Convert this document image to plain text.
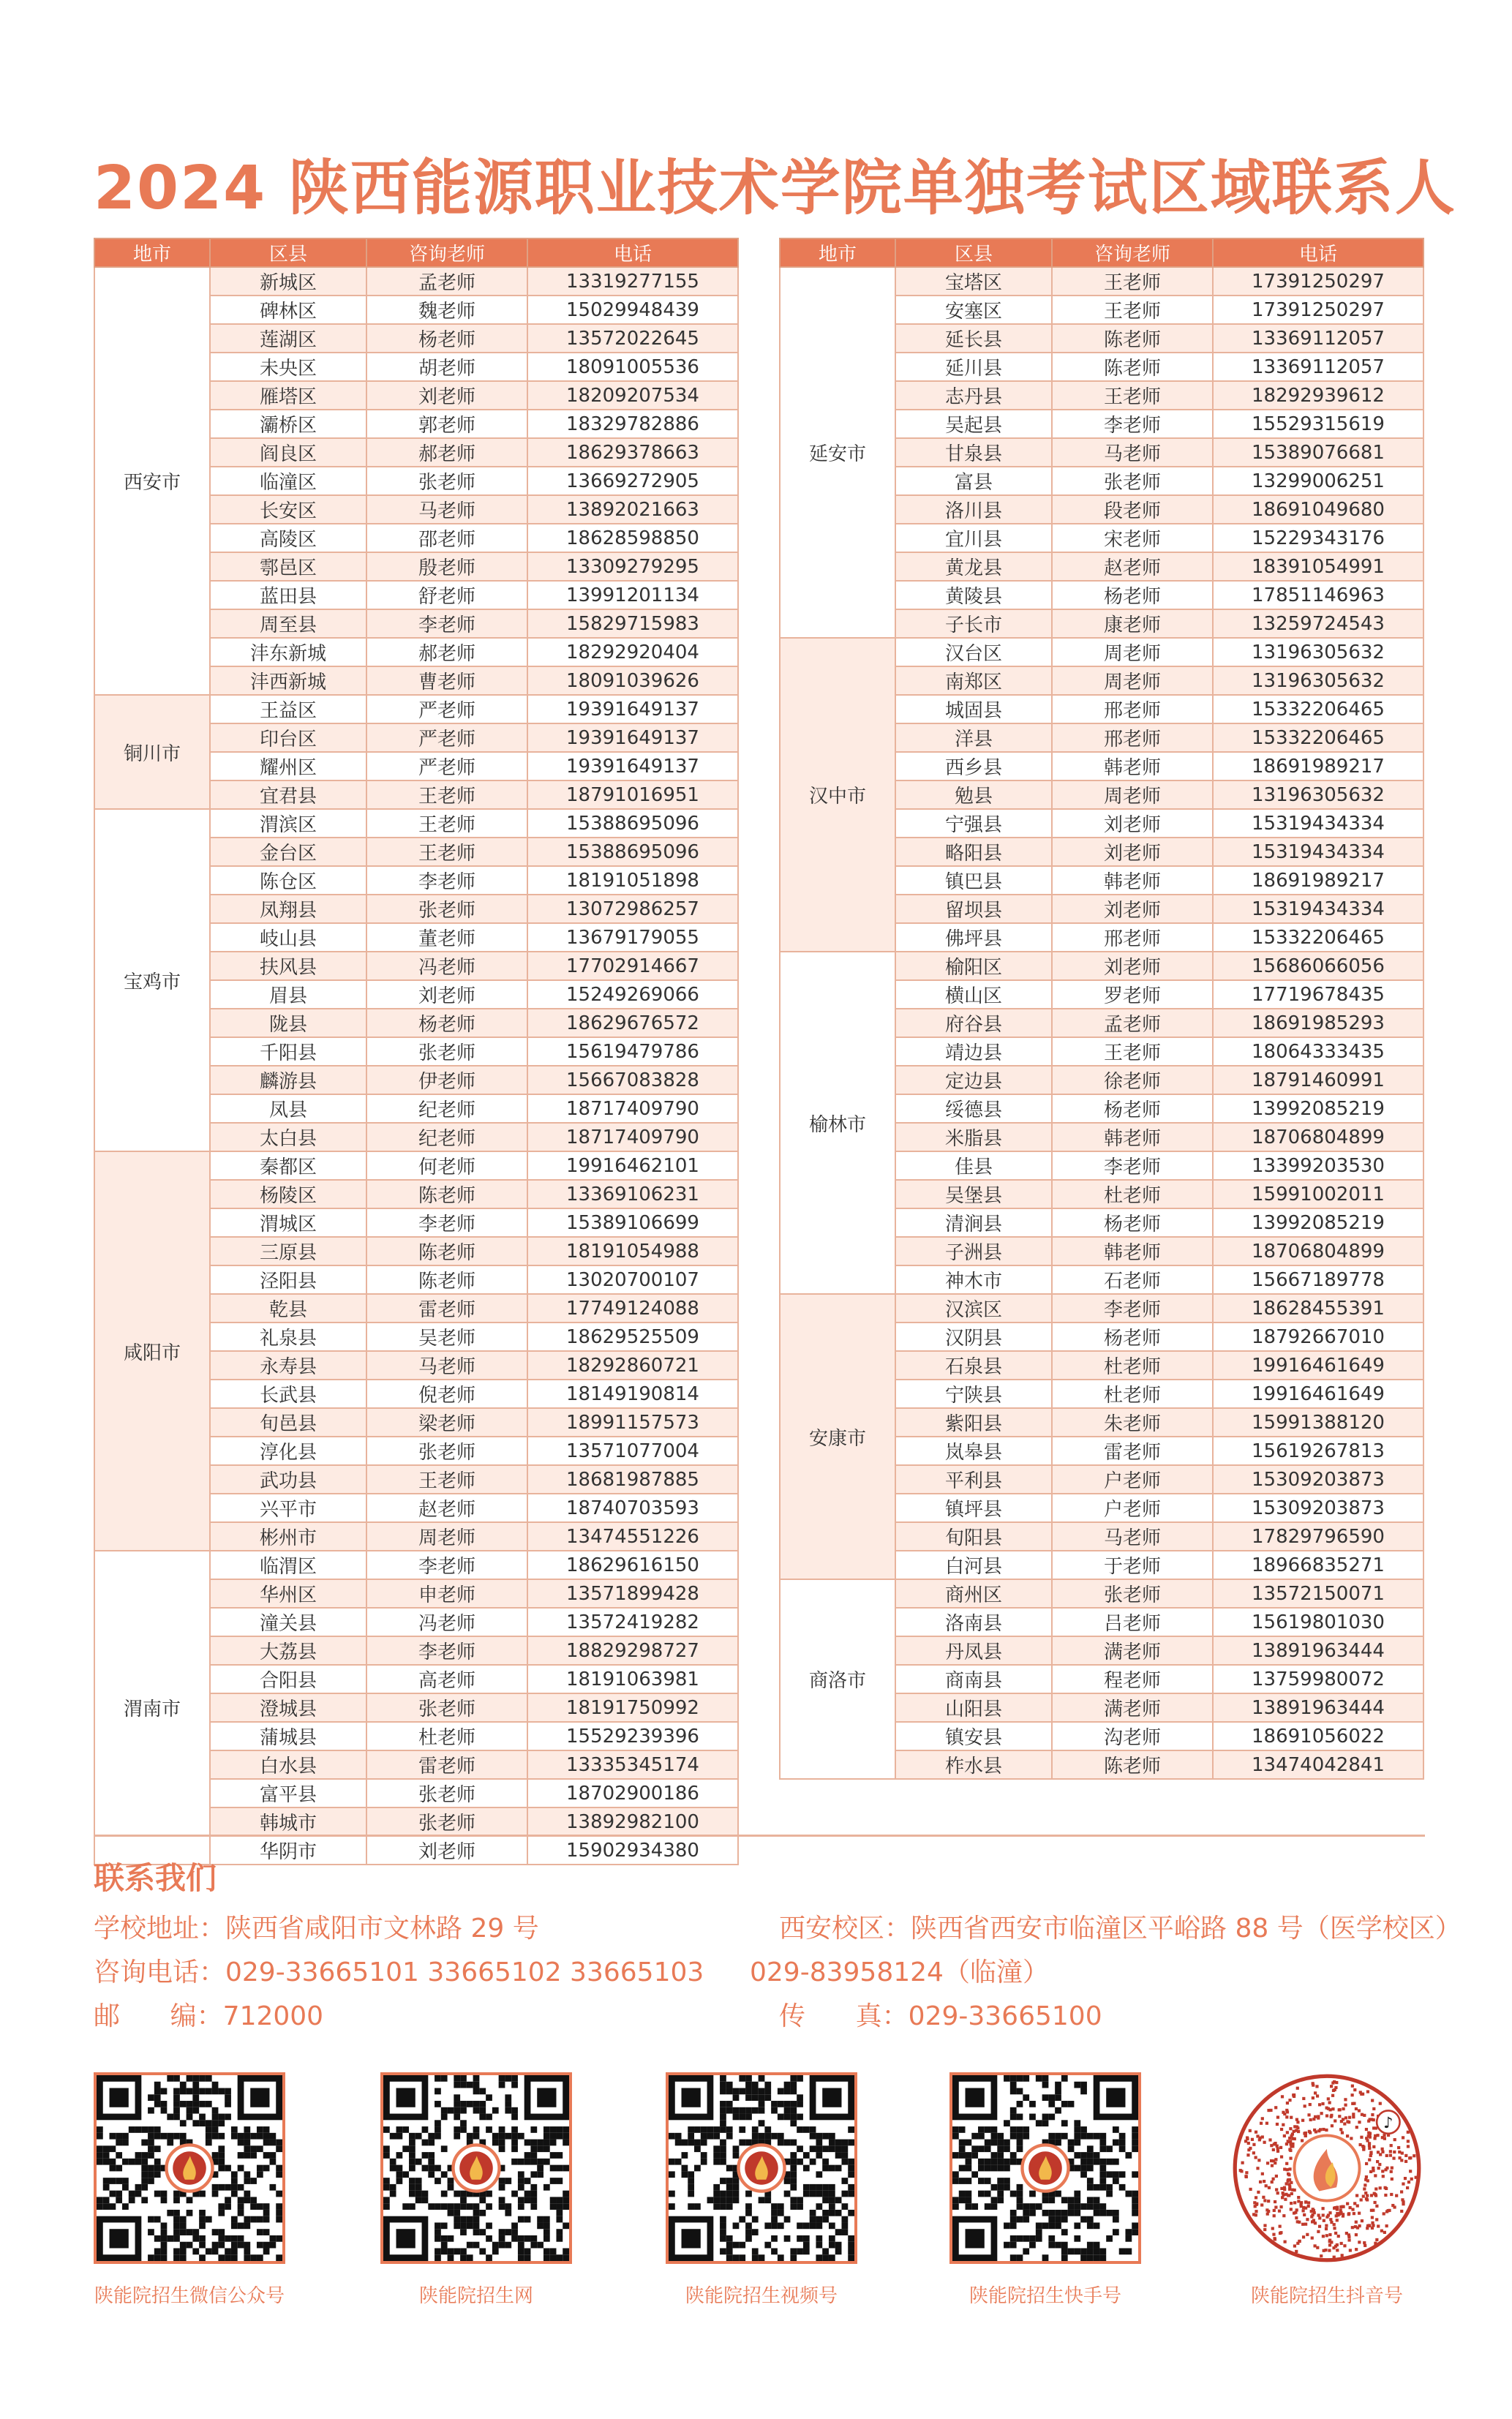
2024 陕西能源职业技术学院单独考试区域联系人
地市	区县	咨询老师	电话
西安市	新城区	孟老师	13319277155
	碑林区	魏老师	15029948439
	莲湖区	杨老师	13572022645
	未央区	胡老师	18091005536
	雁塔区	刘老师	18209207534
	灞桥区	郭老师	18329782886
	阎良区	郝老师	18629378663
	临潼区	张老师	13669272905
	长安区	马老师	13892021663
	高陵区	邵老师	18628598850
	鄠邑区	殷老师	13309279295
	蓝田县	舒老师	13991201134
	周至县	李老师	15829715983
	沣东新城	郝老师	18292920404
	沣西新城	曹老师	18091039626
铜川市	王益区	严老师	19391649137
	印台区	严老师	19391649137
	耀州区	严老师	19391649137
	宜君县	王老师	18791016951
宝鸡市	渭滨区	王老师	15388695096
	金台区	王老师	15388695096
	陈仓区	李老师	18191051898
	凤翔县	张老师	13072986257
	岐山县	董老师	13679179055
	扶风县	冯老师	17702914667
	眉县	刘老师	15249269066
	陇县	杨老师	18629676572
	千阳县	张老师	15619479786
	麟游县	伊老师	15667083828
	凤县	纪老师	18717409790
	太白县	纪老师	18717409790
咸阳市	秦都区	何老师	19916462101
	杨陵区	陈老师	13369106231
	渭城区	李老师	15389106699
	三原县	陈老师	18191054988
	泾阳县	陈老师	13020700107
	乾县	雷老师	17749124088
	礼泉县	吴老师	18629525509
	永寿县	马老师	18292860721
	长武县	倪老师	18149190814
	旬邑县	梁老师	18991157573
	淳化县	张老师	13571077004
	武功县	王老师	18681987885
	兴平市	赵老师	18740703593
	彬州市	周老师	13474551226
渭南市	临渭区	李老师	18629616150
	华州区	申老师	13571899428
	潼关县	冯老师	13572419282
	大荔县	李老师	18829298727
	合阳县	高老师	18191063981
	澄城县	张老师	18191750992
	蒲城县	杜老师	15529239396
	白水县	雷老师	13335345174
	富平县	张老师	18702900186
	韩城市	张老师	13892982100
	华阴市	刘老师	15902934380
地市	区县	咨询老师	电话
延安市	宝塔区	王老师	17391250297
	安塞区	王老师	17391250297
	延长县	陈老师	13369112057
	延川县	陈老师	13369112057
	志丹县	王老师	18292939612
	吴起县	李老师	15529315619
	甘泉县	马老师	15389076681
	富县	张老师	13299006251
	洛川县	段老师	18691049680
	宜川县	宋老师	15229343176
	黄龙县	赵老师	18391054991
	黄陵县	杨老师	17851146963
	子长市	康老师	13259724543
汉中市	汉台区	周老师	13196305632
	南郑区	周老师	13196305632
	城固县	邢老师	15332206465
	洋县	邢老师	15332206465
	西乡县	韩老师	18691989217
	勉县	周老师	13196305632
	宁强县	刘老师	15319434334
	略阳县	刘老师	15319434334
	镇巴县	韩老师	18691989217
	留坝县	刘老师	15319434334
	佛坪县	邢老师	15332206465
榆林市	榆阳区	刘老师	15686066056
	横山区	罗老师	17719678435
	府谷县	孟老师	18691985293
	靖边县	王老师	18064333435
	定边县	徐老师	18791460991
	绥德县	杨老师	13992085219
	米脂县	韩老师	18706804899
	佳县	李老师	13399203530
	吴堡县	杜老师	15991002011
	清涧县	杨老师	13992085219
	子洲县	韩老师	18706804899
	神木市	石老师	15667189778
安康市	汉滨区	李老师	18628455391
	汉阴县	杨老师	18792667010
	石泉县	杜老师	19916461649
	宁陕县	杜老师	19916461649
	紫阳县	朱老师	15991388120
	岚皋县	雷老师	15619267813
	平利县	户老师	15309203873
	镇坪县	户老师	15309203873
	旬阳县	马老师	17829796590
	白河县	于老师	18966835271
商洛市	商州区	张老师	13572150071
	洛南县	吕老师	15619801030
	丹凤县	满老师	13891963444
	商南县	程老师	13759980072
	山阳县	满老师	13891963444
	镇安县	沟老师	18691056022
	柞水县	陈老师	13474042841
联系我们
学校地址：陕西省咸阳市文林路 29 号	西安校区：陕西省西安市临潼区平峪路 88 号（医学校区）
咨询电话：029-33665101 33665102 33665103 029-83958124（临潼）
邮      编：712000	传      真：029-33665100
♪
陕能院招生微信公众号	陕能院招生网	陕能院招生视频号	陕能院招生快手号	陕能院招生抖音号
